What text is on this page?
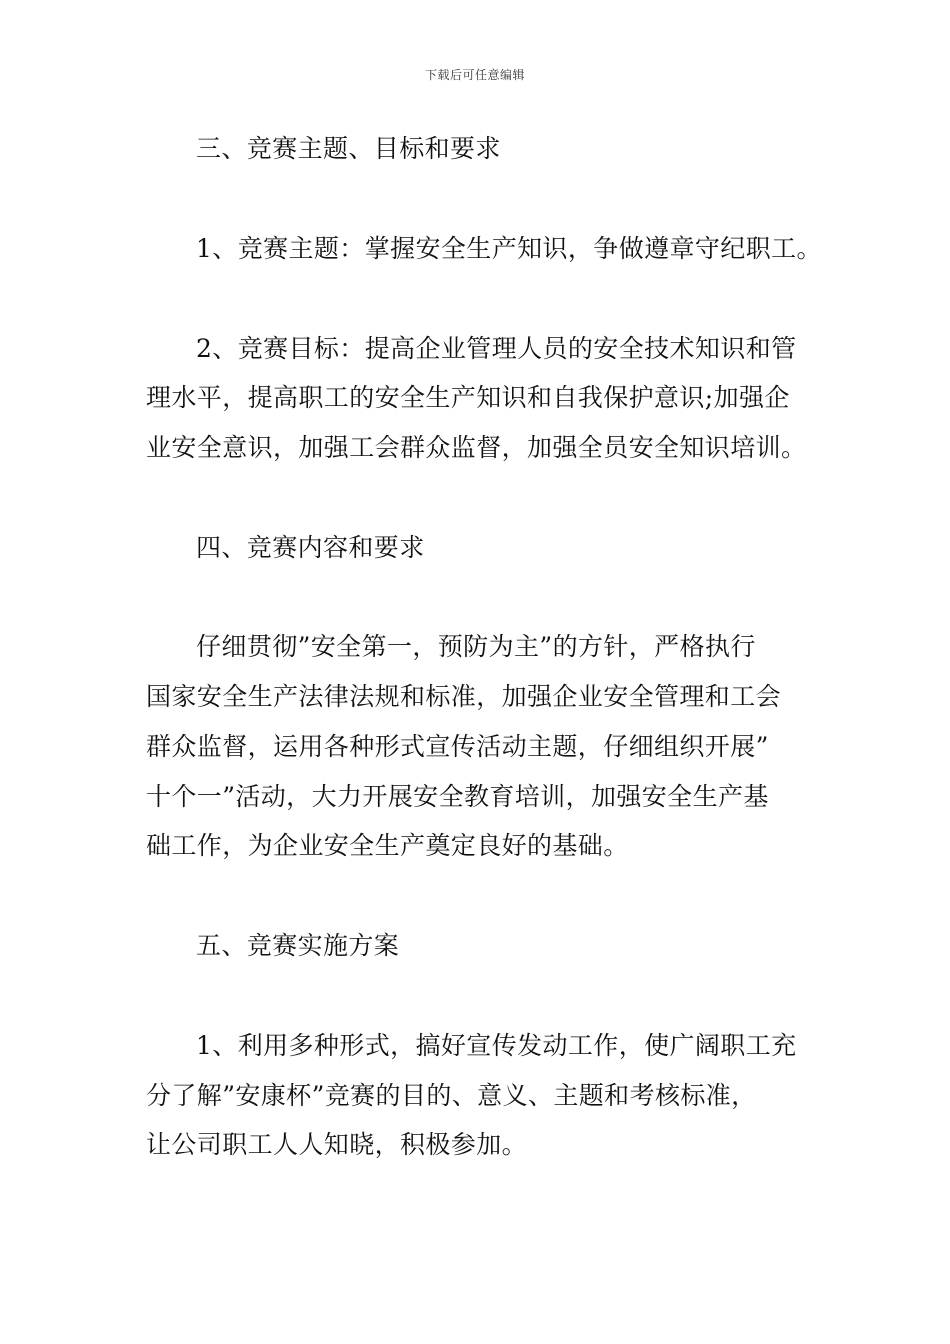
下载后可任意编辑
三、竞赛主题、目标和要求
1、竞赛主题：掌握安全生产知识，争做遵章守纪职工。
2、竞赛目标：提高企业管理人员的安全技术知识和管
理水平，提高职工的安全生产知识和自我保护意识;加强企
业安全意识，加强工会群众监督，加强全员安全知识培训。
四、竞赛内容和要求
仔细贯彻”安全第一，预防为主”的方针，严格执行
国家安全生产法律法规和标准，加强企业安全管理和工会
群众监督，运用各种形式宣传活动主题，仔细组织开展”
十个一”活动，大力开展安全教育培训，加强安全生产基
础工作，为企业安全生产奠定良好的基础。
五、竞赛实施方案
1、利用多种形式，搞好宣传发动工作，使广阔职工充
分了解”安康杯”竞赛的目的、意义、主题和考核标准，
让公司职工人人知晓，积极参加。
